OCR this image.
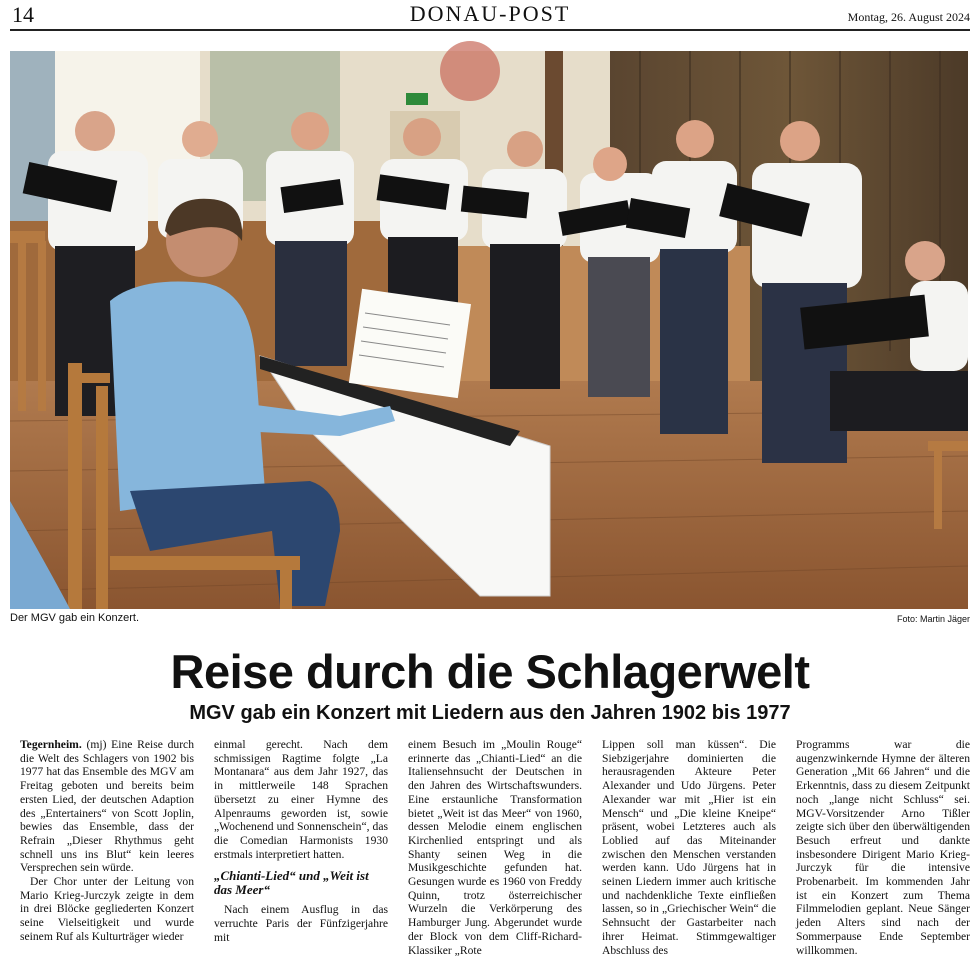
14	DONAU-POST	Montag, 26. August 2024
Der MGV gab ein Konzert.	Foto: Martin Jäger
Reise durch die Schlagerwelt
MGV gab ein Konzert mit Liedern aus den Jahren 1902 bis 1977

Tegernheim. (mj) Eine Reise durch die Welt des Schlagers von 1902 bis 1977 hat das Ensemble des MGV am Freitag geboten und bereits beim ersten Lied, der deutschen Adaption des „Entertainers“ von Scott Joplin, bewies das Ensemble, dass der Refrain „Dieser Rhythmus geht schnell uns ins Blut“ kein leeres Versprechen sein würde.

Der Chor unter der Leitung von Mario Krieg-Jurczyk zeigte in dem in drei Blöcke gegliederten Konzert seine Vielseitigkeit und wurde seinem Ruf als Kulturträger wieder

einmal gerecht. Nach dem schmissigen Ragtime folgte „La Montanara“ aus dem Jahr 1927, das in mittlerweile 148 Sprachen übersetzt zu einer Hymne des Alpenraums geworden ist, sowie „Wochenend und Sonnenschein“, das die Comedian Harmonists 1930 erstmals interpretiert hatten.

„Chianti-Lied“ und „Weit ist das Meer“

Nach einem Ausflug in das verruchte Paris der Fünfzigerjahre mit

einem Besuch im „Moulin Rouge“ erinnerte das „Chianti-Lied“ an die Italiensehnsucht der Deutschen in den Jahren des Wirtschaftswunders. Eine erstaunliche Transformation bietet „Weit ist das Meer“ von 1960, dessen Melodie einem englischen Kirchenlied entspringt und als Shanty seinen Weg in die Musikgeschichte gefunden hat. Gesungen wurde es 1960 von Freddy Quinn, trotz österreichischer Wurzeln die Verkörperung des Hamburger Jung. Abgerundet wurde der Block von dem Cliff-Richard-Klassiker „Rote

Lippen soll man küssen“. Die Siebzigerjahre dominierten die herausragenden Akteure Peter Alexander und Udo Jürgens. Peter Alexander war mit „Hier ist ein Mensch“ und „Die kleine Kneipe“ präsent, wobei Letzteres auch als Loblied auf das Miteinander zwischen den Menschen verstanden werden kann. Udo Jürgens hat in seinen Liedern immer auch kritische und nachdenkliche Texte einfließen lassen, so in „Griechischer Wein“ die Sehnsucht der Gastarbeiter nach ihrer Heimat. Stimmgewaltiger Abschluss des

Programms war die augenzwinkernde Hymne der älteren Generation „Mit 66 Jahren“ und die Erkenntnis, dass zu diesem Zeitpunkt noch „lange nicht Schluss“ sei. MGV-Vorsitzender Arno Tißler zeigte sich über den überwältigenden Besuch erfreut und dankte insbesondere Dirigent Mario Krieg-Jurczyk für die intensive Probenarbeit. Im kommenden Jahr ist ein Konzert zum Thema Filmmelodien geplant. Neue Sänger jeden Alters sind nach der Sommerpause Ende September willkommen.
